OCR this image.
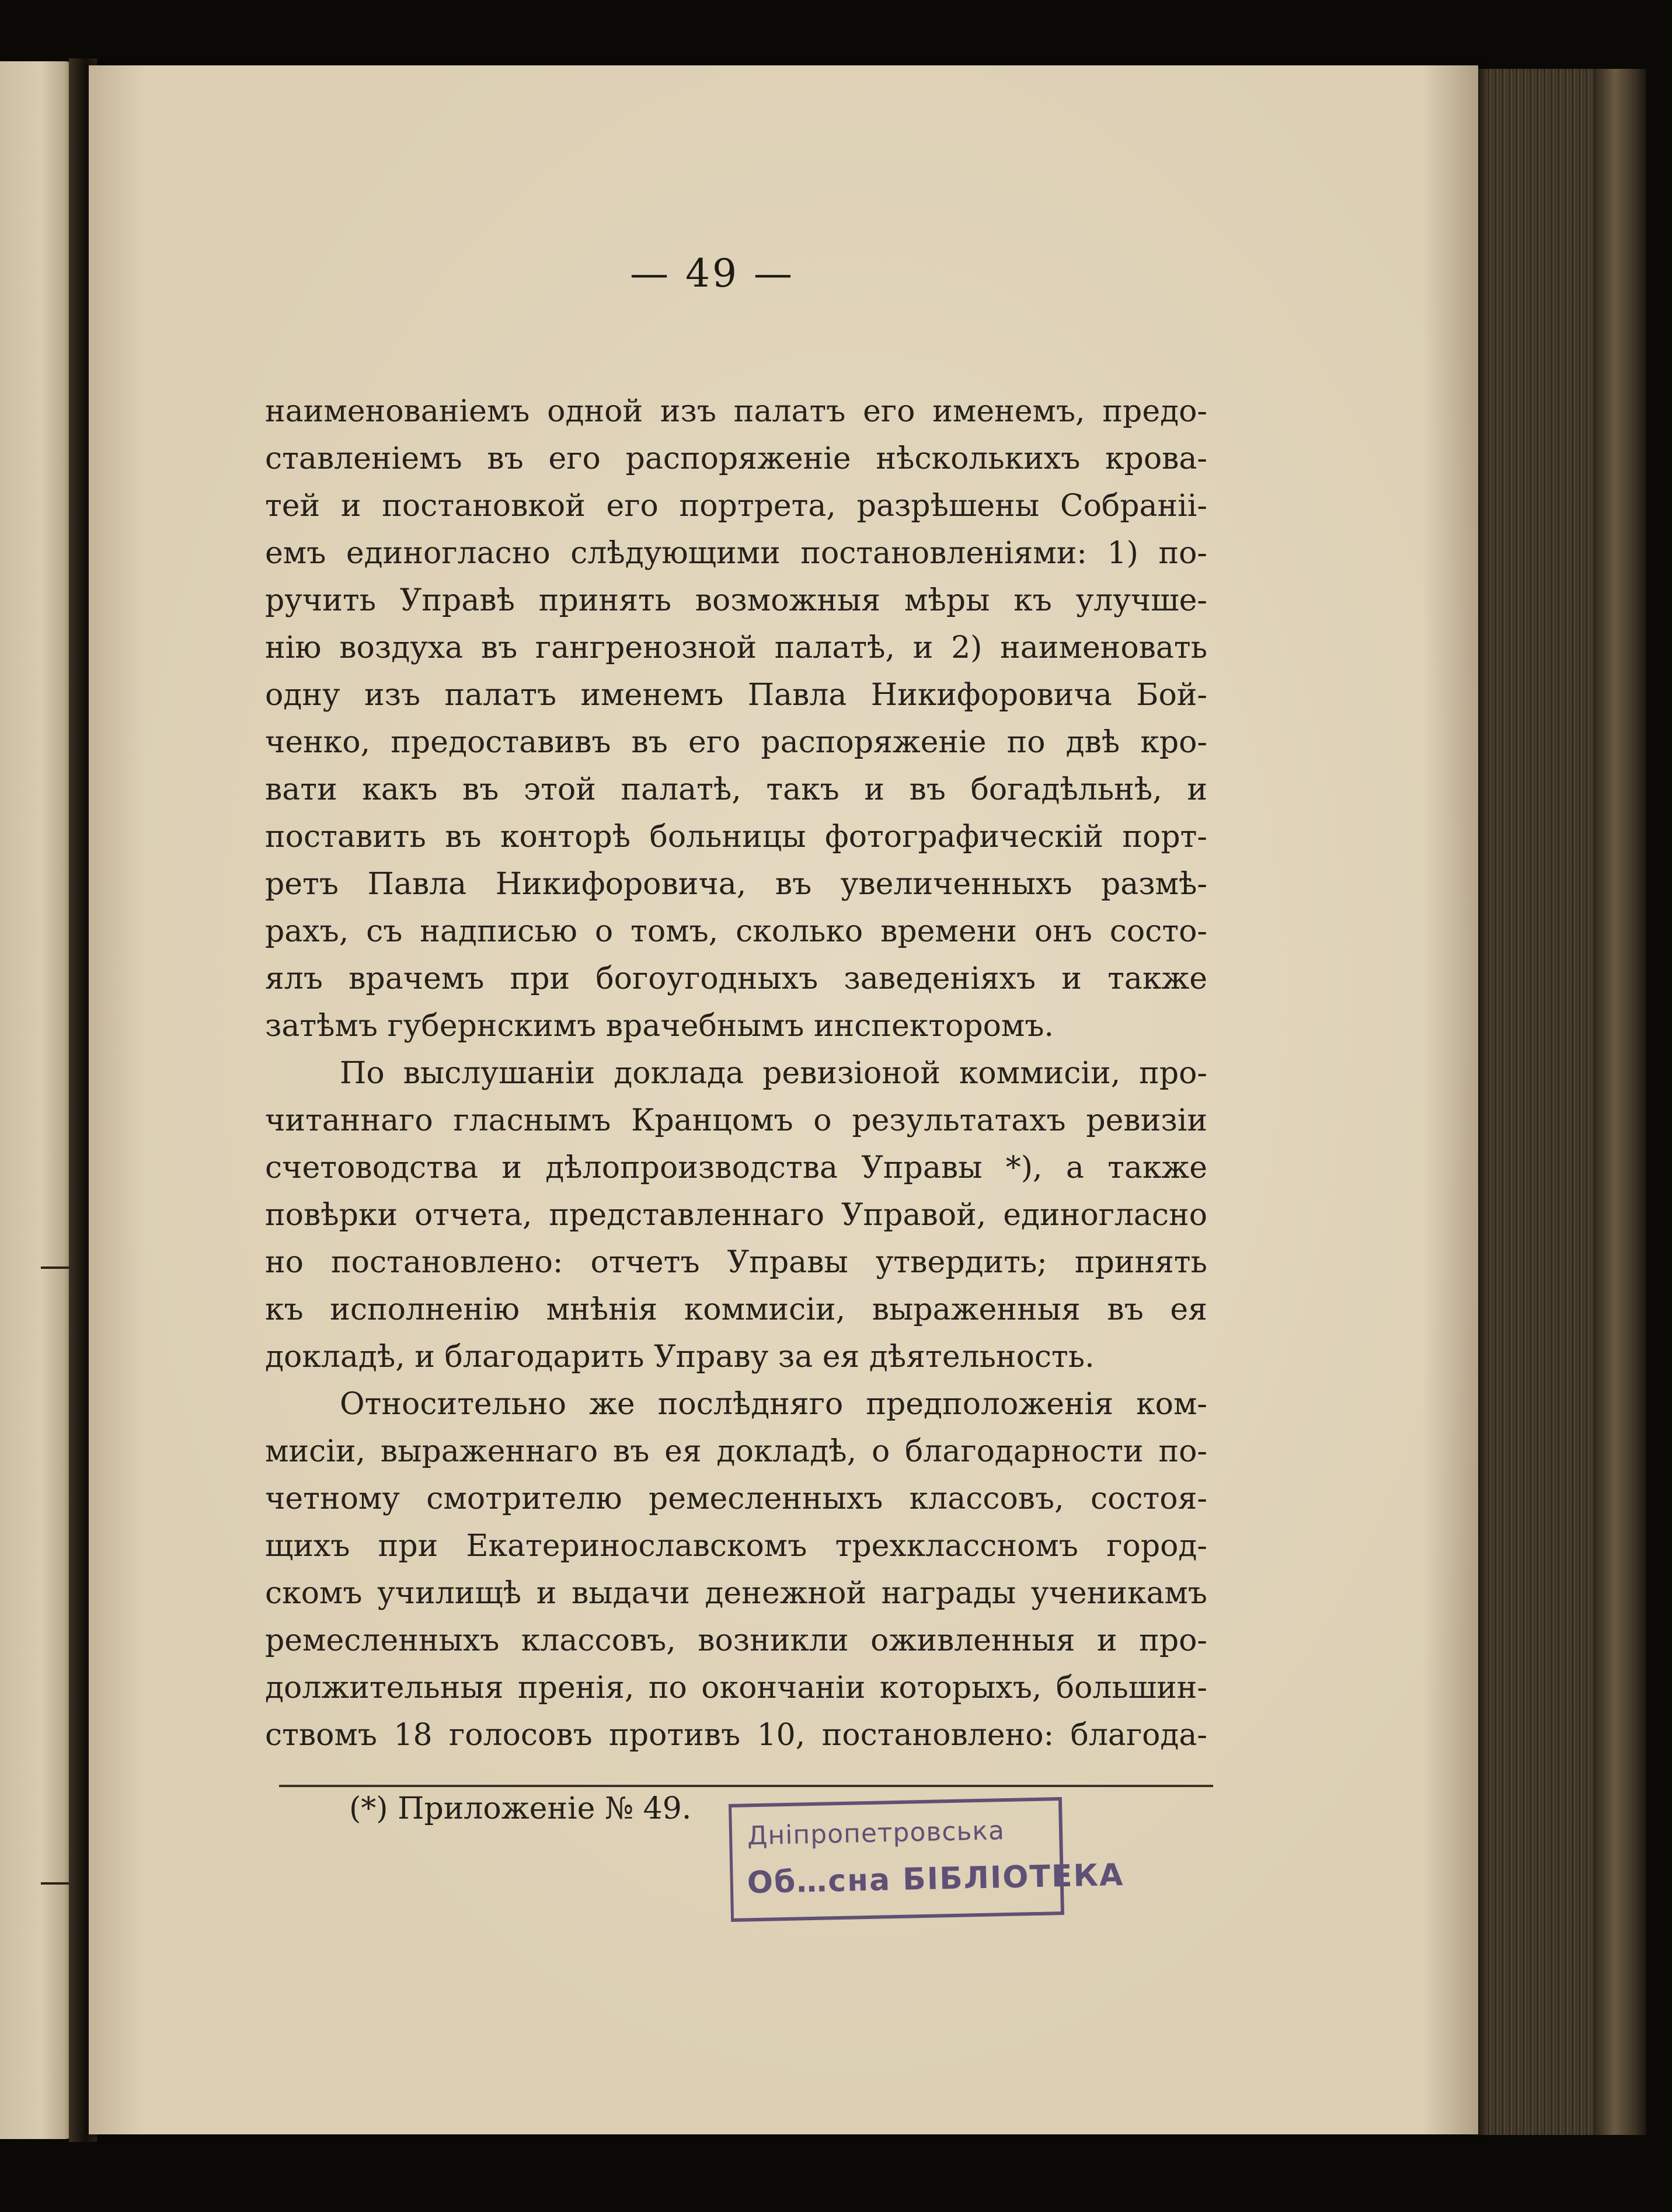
— 49 —
наименованіемъ одной изъ палатъ его именемъ, предо-
ставленіемъ въ его распоряженіе нѣсколькихъ крова-
тей и постановкой его портрета, разрѣшены Собраніі-
емъ единогласно слѣдующими постановленіями: 1) по-
ручить Управѣ принять возможныя мѣры къ улучше-
нію воздуха въ гангренозной палатѣ, и 2) наименовать
одну изъ палатъ именемъ Павла Никифоровича Бой-
ченко, предоставивъ въ его распоряженіе по двѣ кро-
вати какъ въ этой палатѣ, такъ и въ богадѣльнѣ, и
поставить въ конторѣ больницы фотографическій порт-
ретъ Павла Никифоровича, въ увеличенныхъ размѣ-
рахъ, съ надписью о томъ, сколько времени онъ состо-
ялъ врачемъ при богоугодныхъ заведеніяхъ и также
затѣмъ губернскимъ врачебнымъ инспекторомъ.
По выслушаніи доклада ревизіоной коммисіи, про-
читаннаго гласнымъ Кранцомъ о результатахъ ревизіи
счетоводства и дѣлопроизводства Управы *), а также
повѣрки отчета, представленнаго Управой, единогласно
но постановлено: отчетъ Управы утвердить; принять
къ исполненію мнѣнія коммисіи, выраженныя въ ея
докладѣ, и благодарить Управу за ея дѣятельность.
Относительно же послѣдняго предположенія ком-
мисіи, выраженнаго въ ея докладѣ, о благодарности по-
четному смотрителю ремесленныхъ классовъ, состоя-
щихъ при Екатеринославскомъ трехклассномъ город-
скомъ училищѣ и выдачи денежной награды ученикамъ
ремесленныхъ классовъ, возникли оживленныя и про-
должительныя пренія, по окончаніи которыхъ, большин-
ствомъ 18 голосовъ противъ 10, постановлено: благода-
(*) Приложеніе № 49.
Дніпропетровська
Об…сна БІБЛІОТЕКА
